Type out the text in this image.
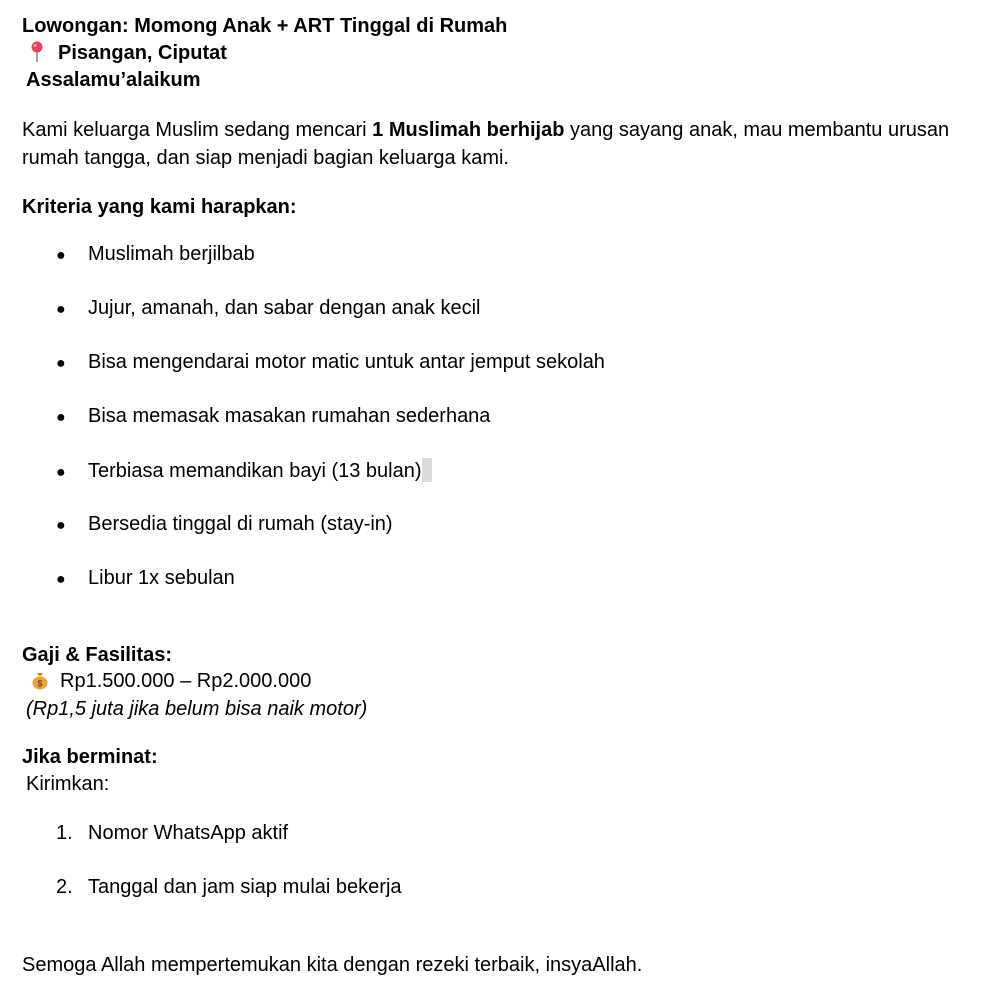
Lowongan: Momong Anak + ART Tinggal di Rumah
Pisangan, Ciputat
Assalamu’alaikum
Kami keluarga Muslim sedang mencari 1 Muslimah berhijab yang sayang anak, mau membantu urusan rumah tangga, dan siap menjadi bagian keluarga kami.
Kriteria yang kami harapkan:
● Muslimah berjilbab
● Jujur, amanah, dan sabar dengan anak kecil
● Bisa mengendarai motor matic untuk antar jemput sekolah
● Bisa memasak masakan rumahan sederhana
● Terbiasa memandikan bayi (13 bulan)
● Bersedia tinggal di rumah (stay-in)
● Libur 1x sebulan
Gaji & Fasilitas:
$ Rp1.500.000 – Rp2.000.000
(Rp1,5 juta jika belum bisa naik motor)
Jika berminat:
Kirimkan:
1. Nomor WhatsApp aktif
2. Tanggal dan jam siap mulai bekerja
Semoga Allah mempertemukan kita dengan rezeki terbaik, insyaAllah.
